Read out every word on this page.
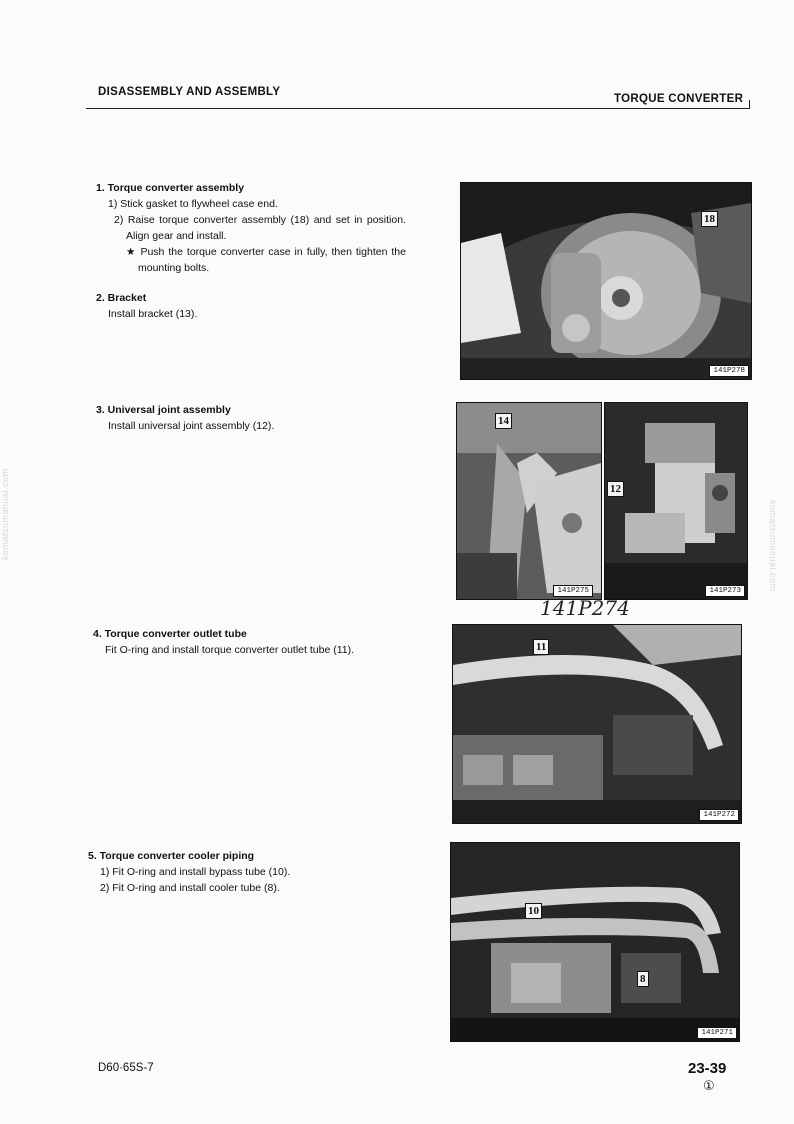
DISASSEMBLY AND ASSEMBLY
TORQUE CONVERTER
komatsumanual.com	komatsumanual.com

1. Torque converter assembly

1) Stick gasket to flywheel case end.

2) Raise torque converter assembly (18) and set in position. Align gear and install.

★ Push the torque converter case in fully, then tighten the mounting bolts.

2. Bracket

Install bracket (13).

3. Universal joint assembly

Install universal joint assembly (12).

4. Torque converter outlet tube

Fit O-ring and install torque converter outlet tube (11).

5. Torque converter cooler piping

1) Fit O-ring and install bypass tube (10).

2) Fit O-ring and install cooler tube (8).

18
141P278
14
141P275
12
141P273
141P274
11
141P272
10
8
141P271
D60·65S-7	23-39
①
